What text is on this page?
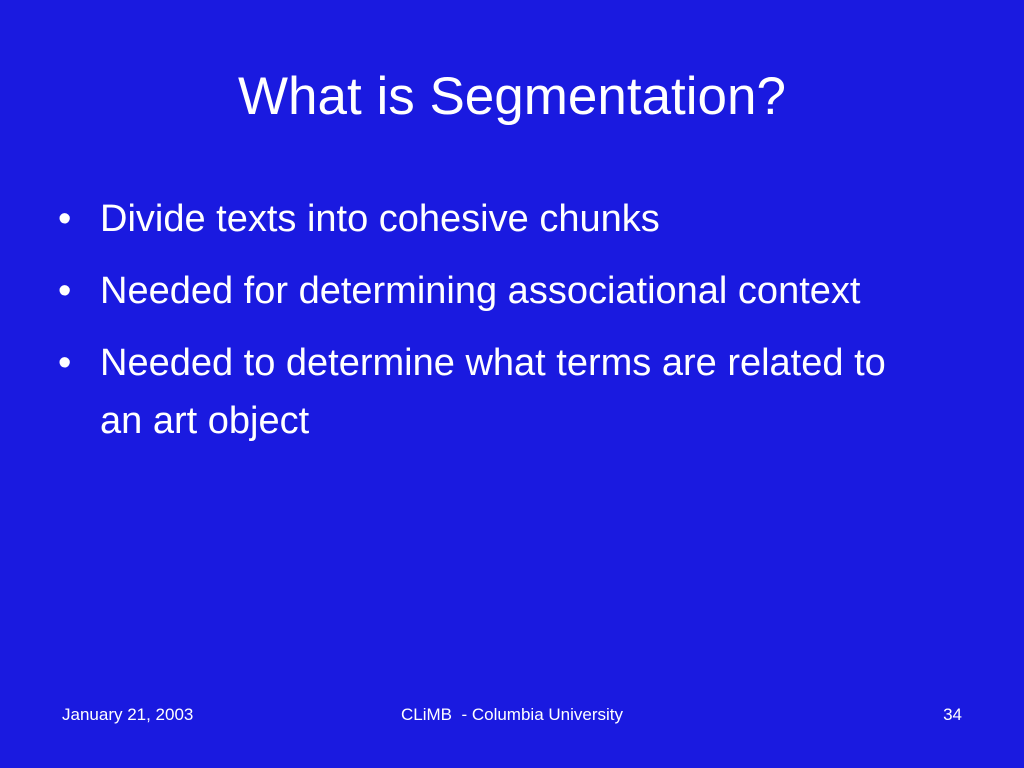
What is Segmentation?
• Divide texts into cohesive chunks
• Needed for determining associational context
• Needed to determine what terms are related to an art object
January 21, 2003	CLiMB  - Columbia University	34
